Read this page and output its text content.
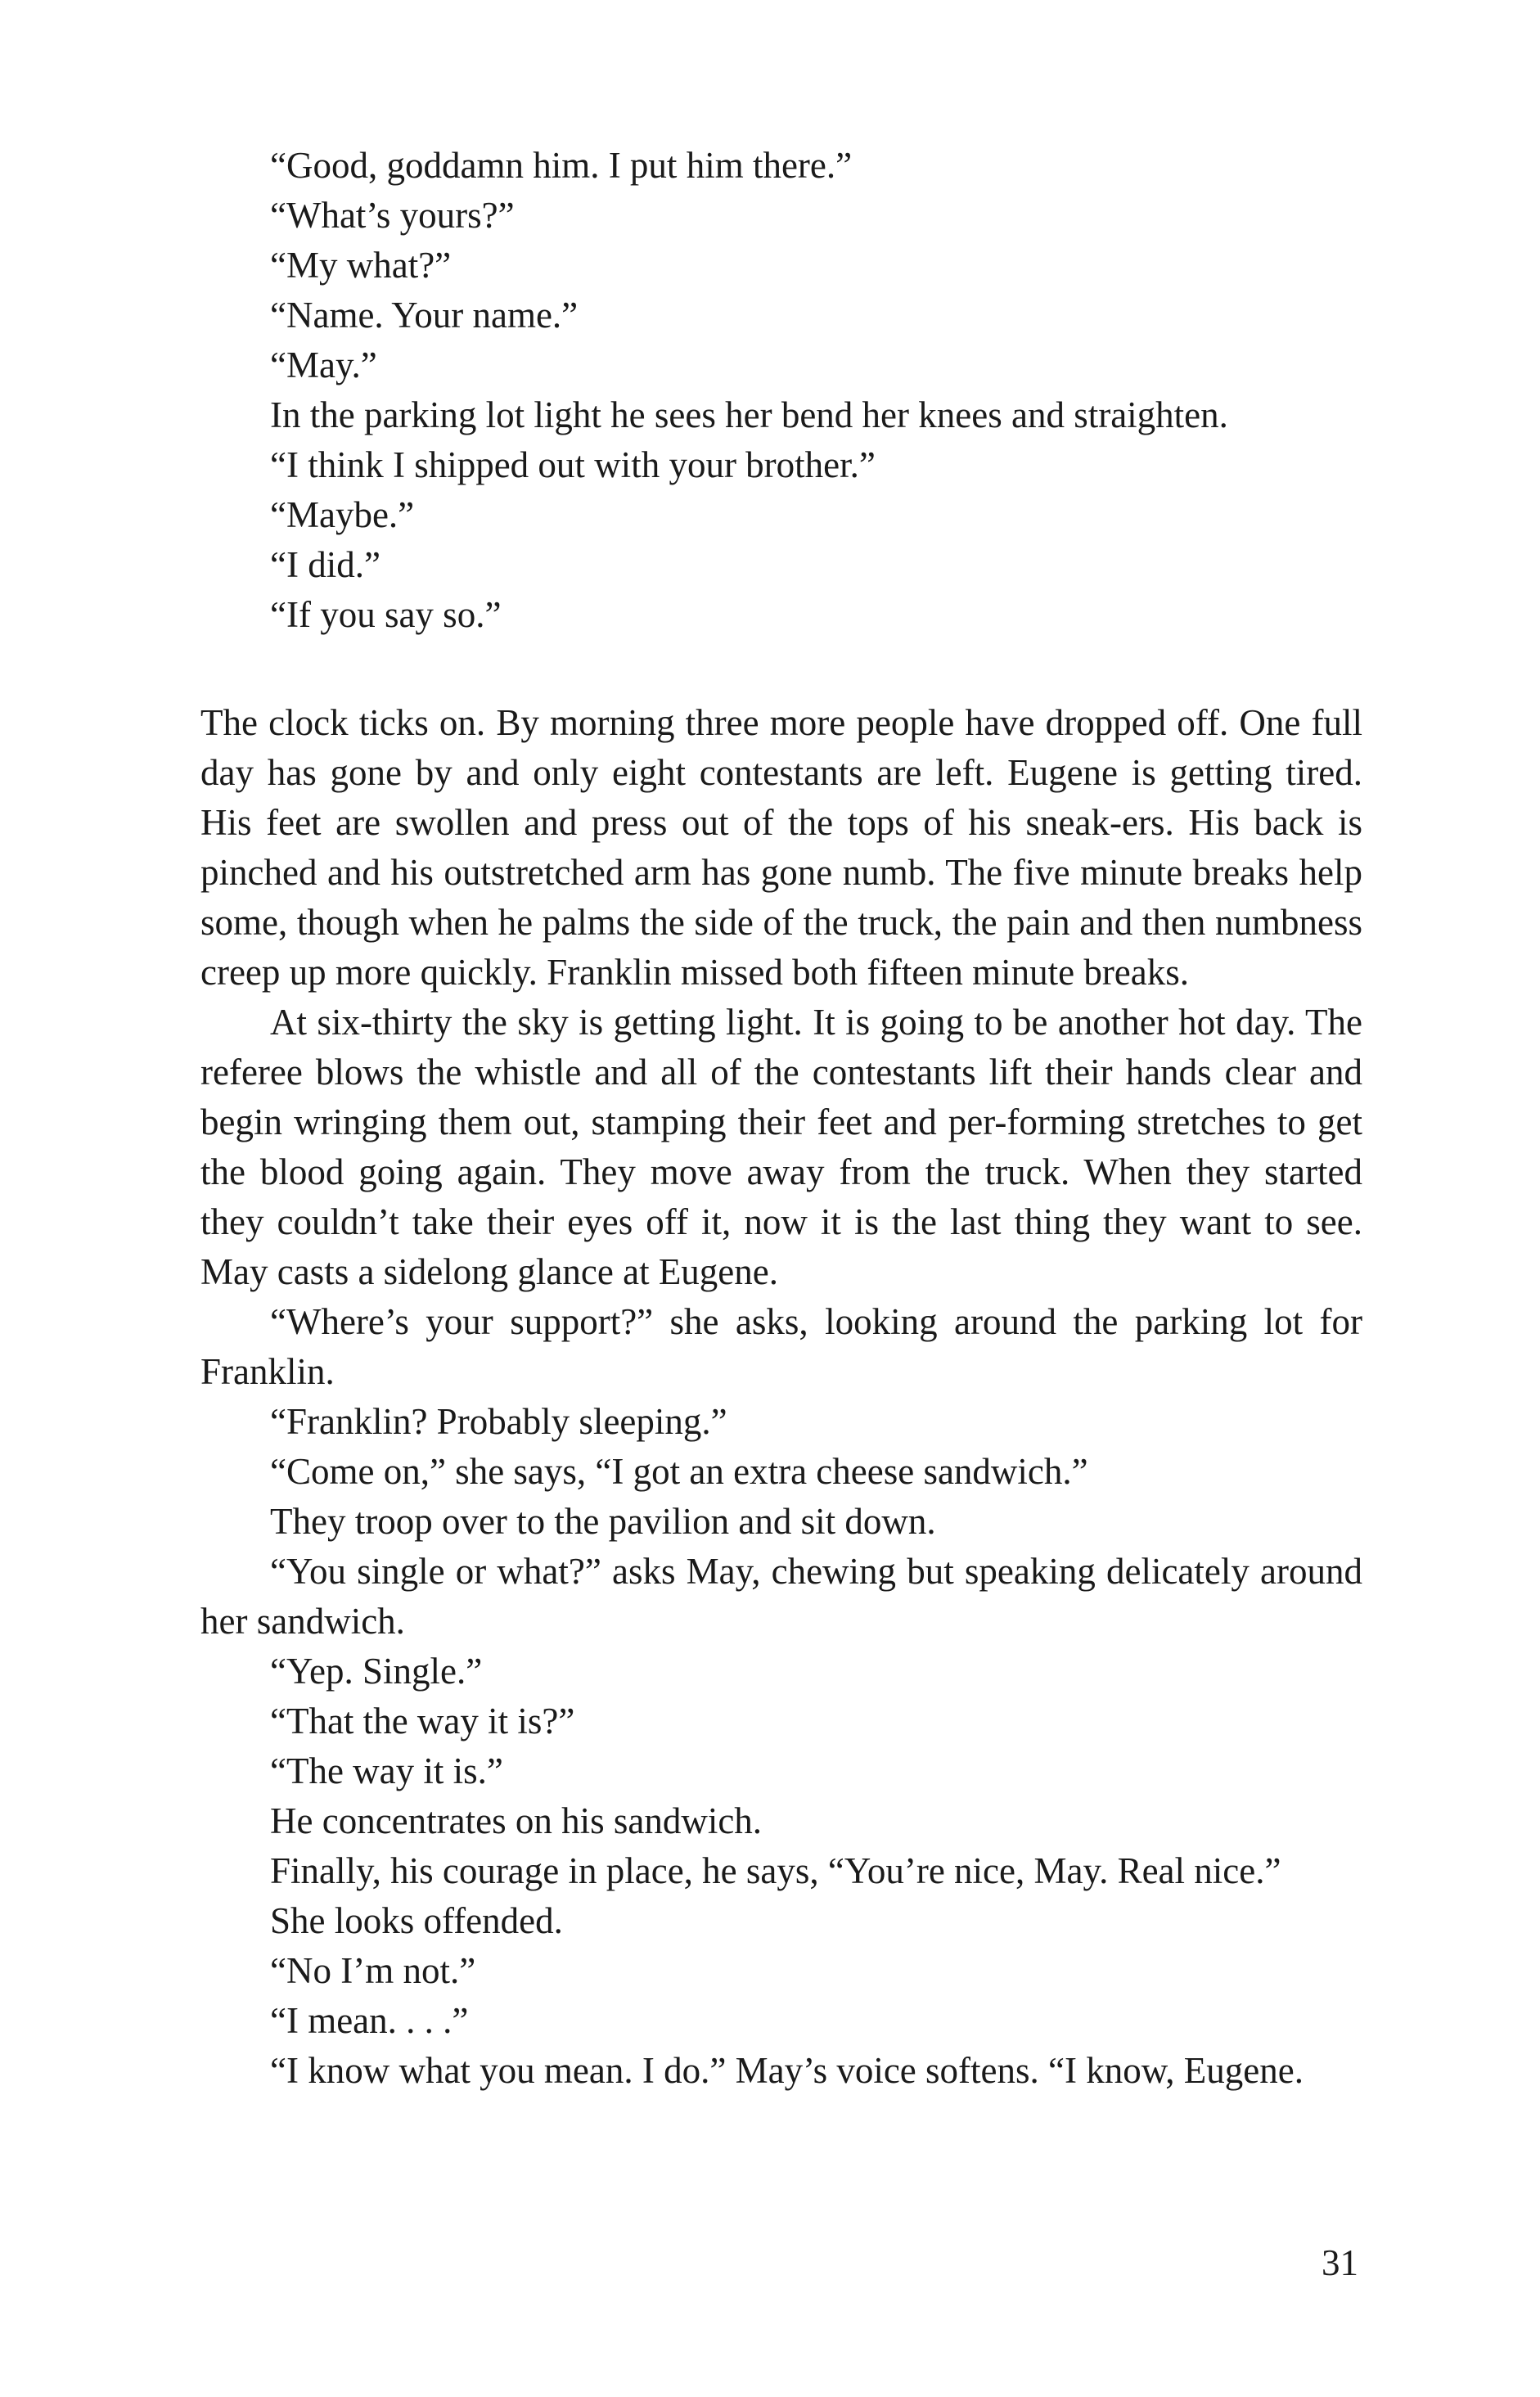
“Good, goddamn him. I put him there.”

“What’s yours?”

“My what?”

“Name. Your name.”

“May.”

In the parking lot light he sees her bend her knees and straighten.

“I think I shipped out with your brother.”

“Maybe.”

“I did.”

“If you say so.”

The clock ticks on. By morning three more people have dropped off. One full day has gone by and only eight contestants are left. Eugene is getting tired. His feet are swollen and press out of the tops of his sneak-ers. His back is pinched and his outstretched arm has gone numb. The five minute breaks help some, though when he palms the side of the truck, the pain and then numbness creep up more quickly. Franklin missed both fifteen minute breaks.

At six-thirty the sky is getting light. It is going to be another hot day. The referee blows the whistle and all of the contestants lift their hands clear and begin wringing them out, stamping their feet and per-forming stretches to get the blood going again. They move away from the truck. When they started they couldn’t take their eyes off it, now it is the last thing they want to see. May casts a sidelong glance at Eugene.

“Where’s your support?” she asks, looking around the parking lot for Franklin.

“Franklin? Probably sleeping.”

“Come on,” she says, “I got an extra cheese sandwich.”

They troop over to the pavilion and sit down.

“You single or what?” asks May, chewing but speaking delicately around her sandwich.

“Yep. Single.”

“That the way it is?”

“The way it is.”

He concentrates on his sandwich.

Finally, his courage in place, he says, “You’re nice, May. Real nice.”

She looks offended.

“No I’m not.”

“I mean. . . .”

“I know what you mean. I do.” May’s voice softens. “I know, Eugene.

31
